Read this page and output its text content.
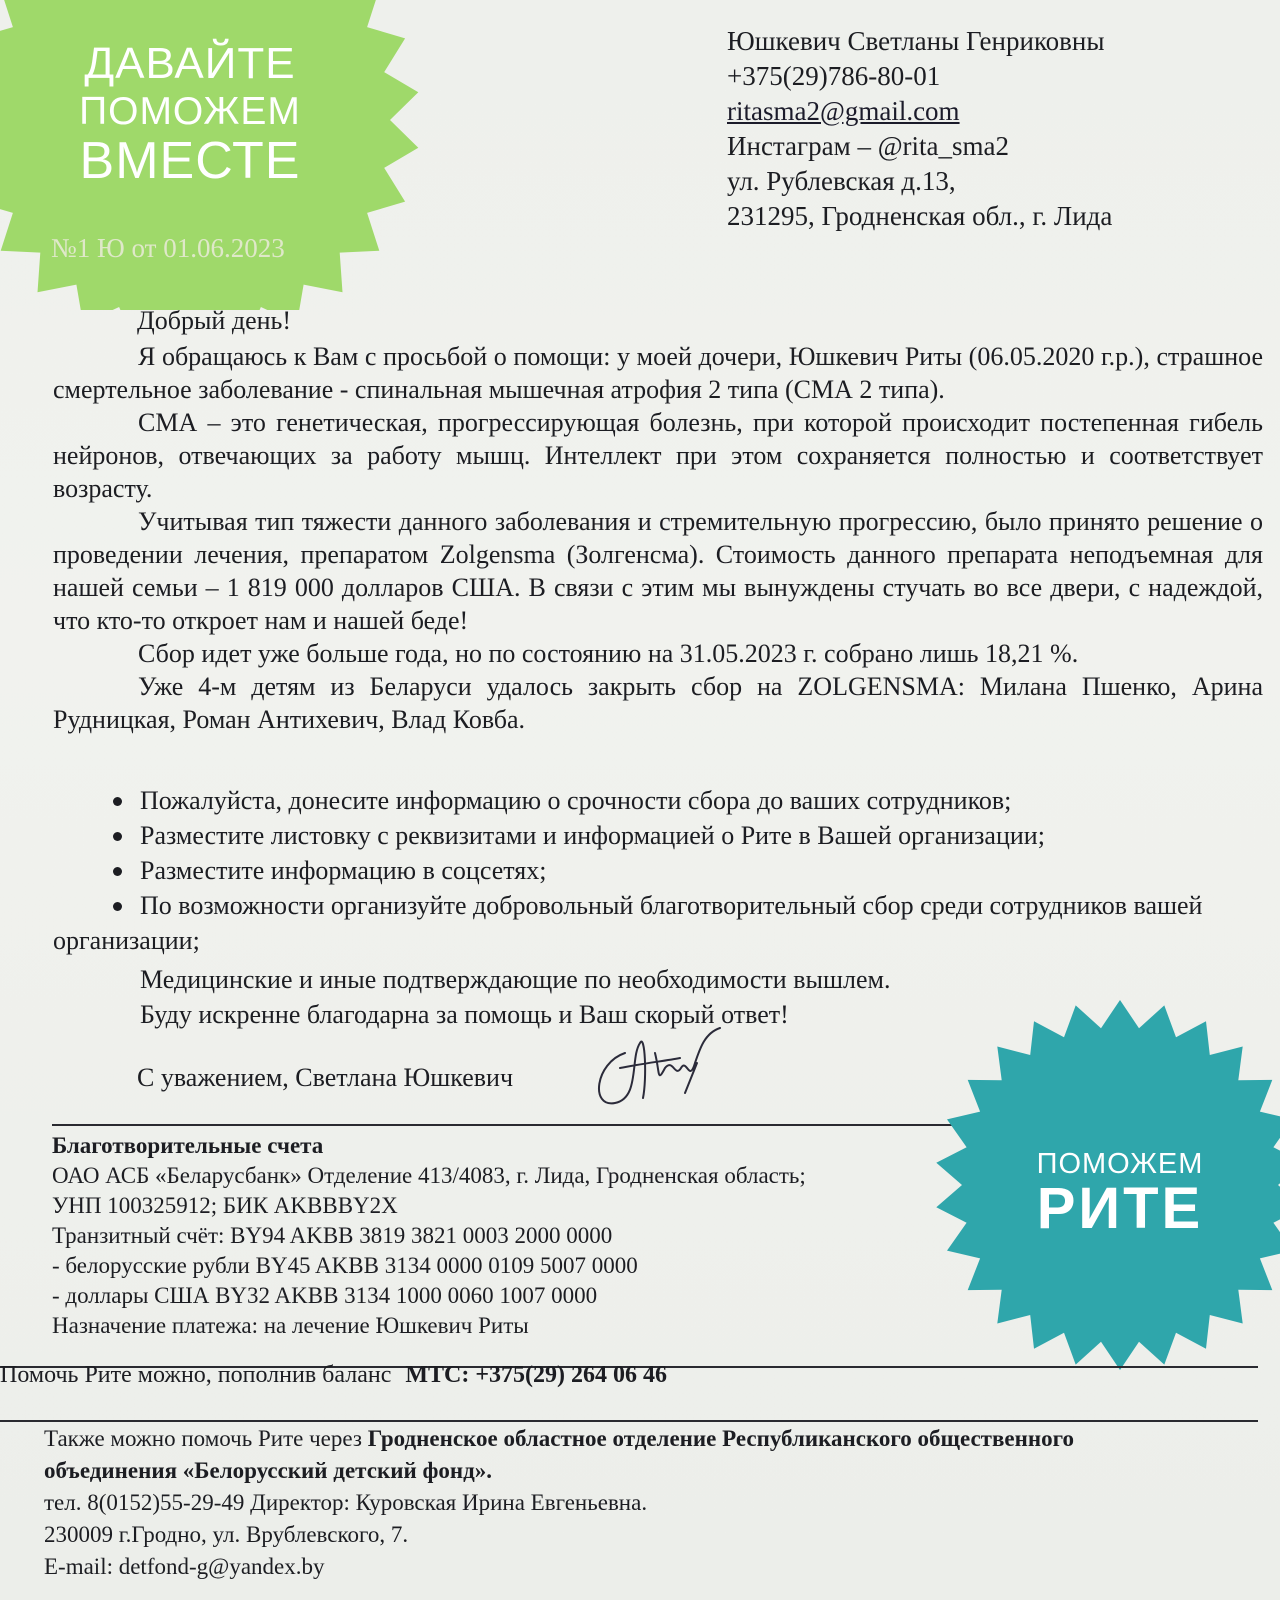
ДАВАЙТЕ
ПОМОЖЕМ
ВМЕСТЕ
№1 Ю от 01.06.2023
Юшкевич Светланы Генриковны
+375(29)786-80-01
ritasma2@gmail.com
Инстаграм – @rita_sma2
ул. Рублевская д.13,
231295, Гродненская обл., г. Лида
Добрый день!

Я обращаюсь к Вам с просьбой о помощи: у моей дочери, Юшкевич Риты (06.05.2020 г.р.), страшное смертельное заболевание - спинальная мышечная атрофия 2 типа (СМА 2 типа).

СМА – это генетическая, прогрессирующая болезнь, при которой происходит постепенная гибель нейронов, отвечающих за работу мышц. Интеллект при этом сохраняется полностью и соответствует возрасту.

Учитывая тип тяжести данного заболевания и стремительную прогрессию, было принято решение о проведении лечения, препаратом Zolgensma (Золгенсма). Стоимость данного препарата неподъемная для нашей семьи – 1 819 000 долларов США. В связи с этим мы вынуждены стучать во все двери, с надеждой, что кто-то откроет нам и нашей беде!

Сбор идет уже больше года, но по состоянию на 31.05.2023 г. собрано лишь 18,21 %.

Уже 4-м детям из Беларуси удалось закрыть сбор на ZOLGENSMA: Милана Пшенко, Арина Рудницкая, Роман Антихевич, Влад Ковба.

Пожалуйста, донесите информацию о срочности сбора до ваших сотрудников;
Разместите листовку с реквизитами и информацией о Рите в Вашей организации;
Разместите информацию в соцсетях;
По возможности организуйте добровольный благотворительный сбор среди сотрудников вашей организации;
Медицинские и иные подтверждающие по необходимости вышлем.
Буду искренне благодарна за помощь и Ваш скорый ответ!
С уважением, Светлана Юшкевич
Благотворительные счета
ОАО АСБ «Беларусбанк» Отделение 413/4083, г. Лида, Гродненская область;
УНП 100325912; БИК AKBBBY2X
Транзитный счёт: BY94 AKBB 3819 3821 0003 2000 0000
- белорусские рубли BY45 AKBB 3134 0000 0109 5007 0000
- доллары США BY32 AKBB 3134 1000 0060 1007 0000
Назначение платежа: на лечение Юшкевич Риты
ПОМОЖЕМ
РИТЕ
Помочь Рите можно, пополнив баланс МТС: +375(29) 264 06 46
Также можно помочь Рите через Гродненское областное отделение Республиканского общественного
объединения «Белорусский детский фонд».
тел. 8(0152)55-29-49 Директор: Куровская Ирина Евгеньевна.
230009 г.Гродно, ул. Врублевского, 7.
E-mail: detfond-g@yandex.by
